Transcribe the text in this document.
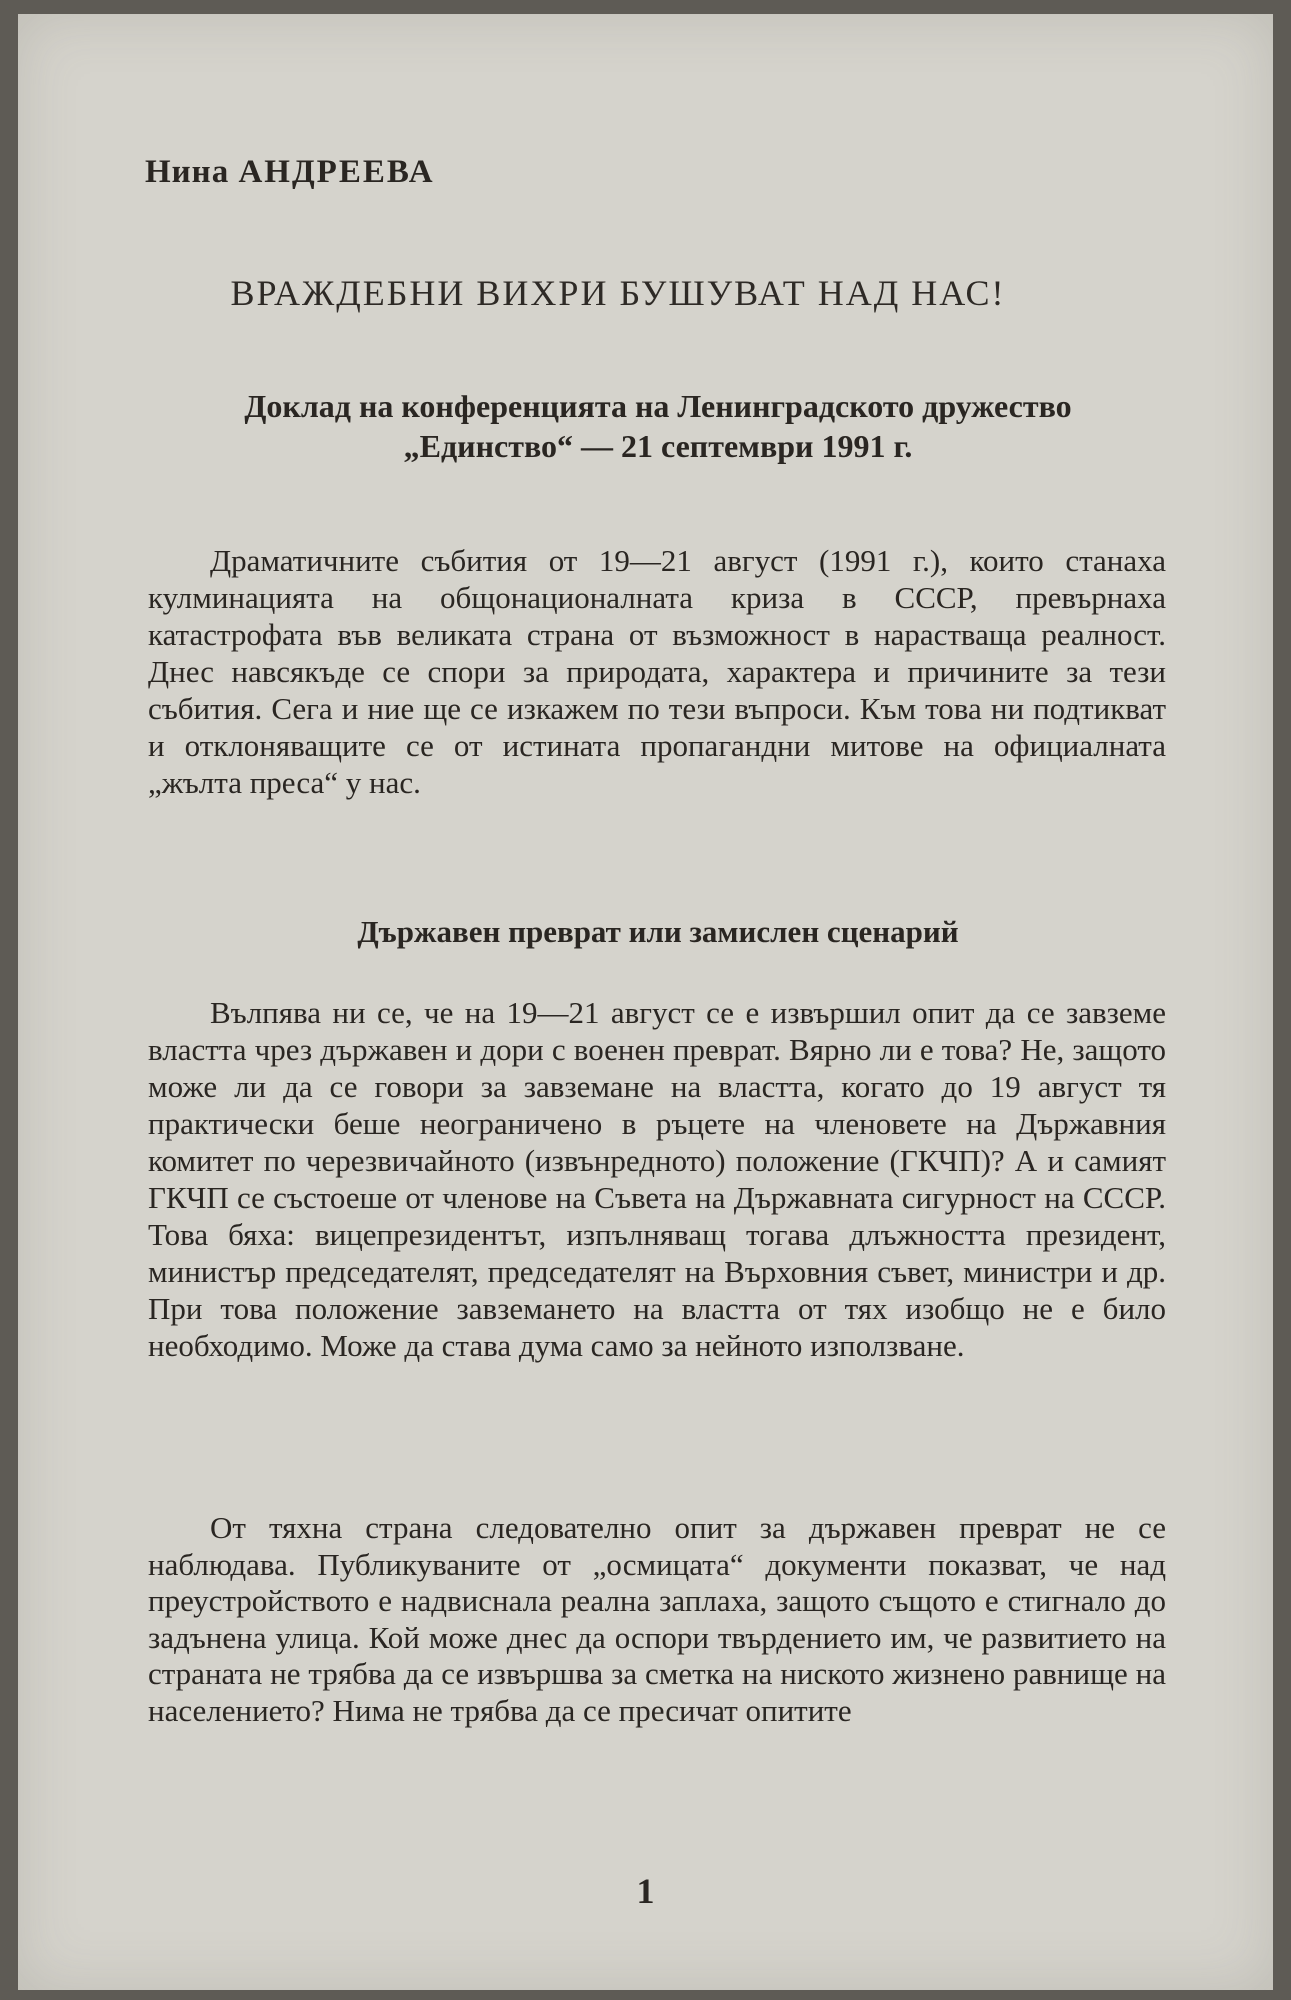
Нина АНДРЕЕВА

ВРАЖДЕБНИ ВИХРИ БУШУВАТ НАД НАС!
Доклад на конференцията на Ленинградското дружество
„Единство“ — 21 септември 1991 г.

Драматичните събития от 19—21 август (1991 г.), които станаха кулминацията на общонационалната криза в СССР, превърнаха катастрофата във великата страна от възможност в нарастваща реалност. Днес навсякъде се спори за природата, характера и причините за тези събития. Сега и ние ще се изкажем по тези въпроси. Към това ни подтикват и отклоняващите се от истината пропагандни митове на официалната „жълта преса“ у нас.

Държавен преврат или замислен сценарий

Вълпява ни се, че на 19—21 август се е извършил опит да се завземе властта чрез държавен и дори с военен преврат. Вярно ли е това? Не, защото може ли да се говори за завземане на властта, когато до 19 август тя практически беше неограничено в ръцете на членовете на Държавния комитет по черезвичайното (извънредното) положение (ГКЧП)? А и самият ГКЧП се състоеше от членове на Съвета на Държавната сигурност на СССР. Това бяха: вицепрезидентът, изпълняващ тогава длъжността президент, министър председателят, председателят на Върховния съвет, министри и др. При това положение завземането на властта от тях изобщо не е било необходимо. Може да става дума само за нейното използване.

От тяхна страна следователно опит за държавен преврат не се наблюдава. Публикуваните от „осмицата“ документи показват, че над преустройството е надвиснала реална заплаха, защото същото е стигнало до задънена улица. Кой може днес да оспори твърдението им, че развитието на страната не трябва да се извършва за сметка на ниското жизнено равнище на населението? Нима не трябва да се пресичат опитите

1
